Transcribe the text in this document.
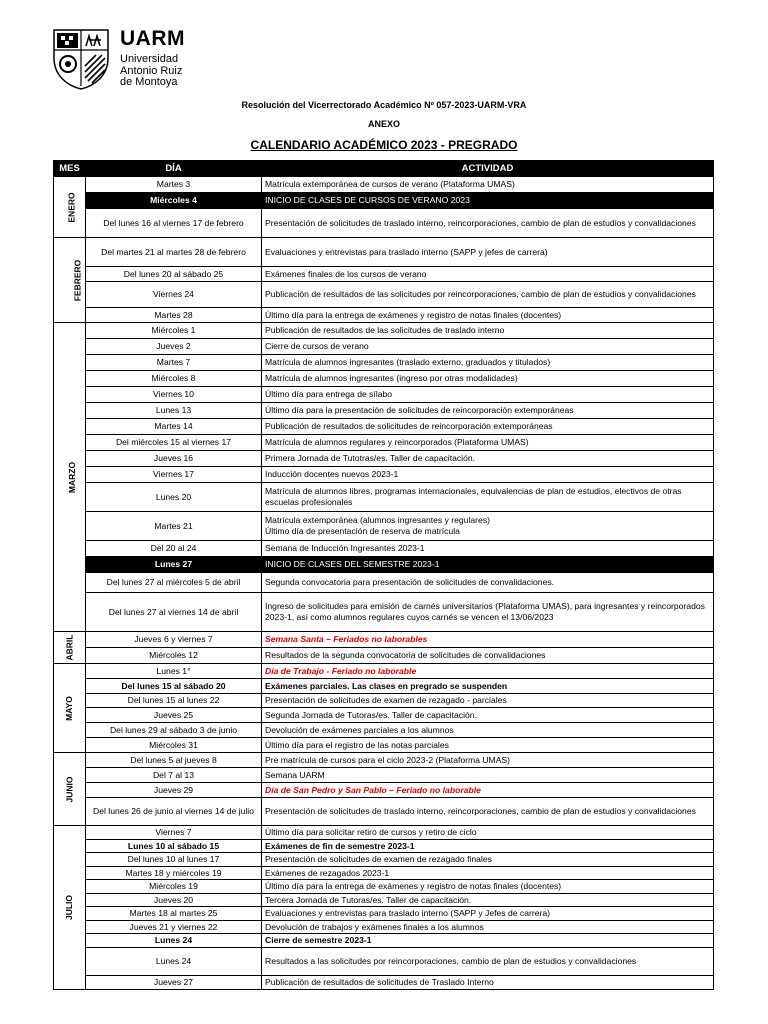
UARM
Universidad
Antonio Ruiz
de Montoya
Resolución del Vicerrectorado Académico Nº 057-2023-UARM-VRA
ANEXO
CALENDARIO ACADÉMICO 2023 - PREGRADO
MES	DÍA	ACTIVIDAD
ENERO	Martes 3	Matrícula extemporánea de cursos de verano (Plataforma UMAS)
	Miércoles 4	INICIO DE CLASES DE CURSOS DE VERANO 2023
	Del lunes 16 al viernes 17 de febrero	Presentación de solicitudes de traslado interno, reincorporaciones, cambio de plan de estudios y convalidaciones
FEBRERO	Del martes 21 al martes 28 de febrero	Evaluaciones y entrevistas para traslado interno (SAPP y jefes de carrera)
	Del lunes 20 al sábado 25	Exámenes finales de los cursos de verano
	Viernes 24	Publicación de resultados de las solicitudes por reincorporaciones, cambio de plan de estudios y convalidaciones
	Martes 28	Último día para la entrega de exámenes y registro de notas finales (docentes)
MARZO	Miércoles 1	Publicación de resultados de las solicitudes de traslado interno
	Jueves 2	Cierre de cursos de verano
	Martes 7	Matrícula de alumnos ingresantes (traslado externo, graduados y titulados)
	Miércoles 8	Matrícula de alumnos ingresantes (ingreso por otras modalidades)
	Viernes 10	Último día para entrega de sílabo
	Lunes 13	Último día para la presentación de solicitudes de reincorporación extemporáneas
	Martes 14	Publicación de resultados de solicitudes de reincorporación extemporáneas
	Del miércoles 15 al viernes 17	Matrícula de alumnos regulares y reincorporados (Plataforma UMAS)
	Jueves 16	Primera Jornada de Tutotras/es. Taller de capacitación.
	Viernes 17	Inducción docentes nuevos 2023-1
	Lunes 20	Matrícula de alumnos libres, programas internacionales, equivalencias de plan de estudios, electivos de otras escuelas profesionales
	Martes 21	Matrícula extemporánea (alumnos ingresantes y regulares)
Último día de presentación de reserva de matrícula
	Del 20 al 24	Semana de Inducción Ingresantes 2023-1
	Lunes 27	INICIO DE CLASES DEL SEMESTRE 2023-1
	Del lunes 27 al miércoles 5 de abril	Segunda convocatoria para presentación de solicitudes de convalidaciones.
	Del lunes 27 al viernes 14 de abril	Ingreso de solicitudes para emisión de carnés universitarios (Plataforma UMAS), para ingresantes y reincorporados 2023-1, así como alumnos regulares cuyos carnés se vencen el 13/06/2023
ABRIL	Jueves 6 y viernes 7	Semana Santa – Feriados no laborables
	Miércoles 12	Resultados de la segunda convocatoria de solicitudes de convalidaciones
MAYO	Lunes 1°	Día de Trabajo - Feriado no laborable
	Del lunes 15 al sábado 20	Exámenes parciales. Las clases en pregrado se suspenden
	Del lunes 15 al lunes 22	Presentación de solicitudes de examen de rezagado - parciales
	Jueves 25	Segunda Jornada de Tutoras/es. Taller de capacitación.
	Del lunes 29 al sábado 3 de junio	Devolución de exámenes parciales a los alumnos
	Miércoles 31	Último día para el registro de las notas parciales
JUNIO	Del lunes 5 al jueves 8	Pre matrícula de cursos para el ciclo 2023-2 (Plataforma UMAS)
	Del 7 al 13	Semana UARM
	Jueves 29	Día de San Pedro y San Pablo – Feriado no laborable
	Del lunes 26 de junio al viernes 14 de julio	Presentación de solicitudes de traslado interno, reincorporaciones, cambio de plan de estudios y convalidaciones
JULIO	Viernes 7	Último día para solicitar retiro de cursos y retiro de ciclo
	Lunes 10 al sábado 15	Exámenes de fin de semestre 2023-1
	Del lunes 10 al lunes 17	Presentación de solicitudes de examen de rezagado finales
	Martes 18 y miércoles 19	Exámenes de rezagados 2023-1
	Miércoles 19	Último día para la entrega de exámenes y registro de notas finales (docentes)
	Jueves 20	Tercera Jornada de Tutoras/es. Taller de capacitación.
	Martes 18 al martes 25	Evaluaciones y entrevistas para traslado interno (SAPP y Jefes de carrera)
	Jueves 21 y viernes 22	Devolución de trabajos y exámenes finales a los alumnos
	Lunes 24	Cierre de semestre 2023-1
	Lunes 24	Resultados a las solicitudes por reincorporaciones, cambio de plan de estudios y convalidaciones
	Jueves 27	Publicación de resultados de solicitudes de Traslado Interno
